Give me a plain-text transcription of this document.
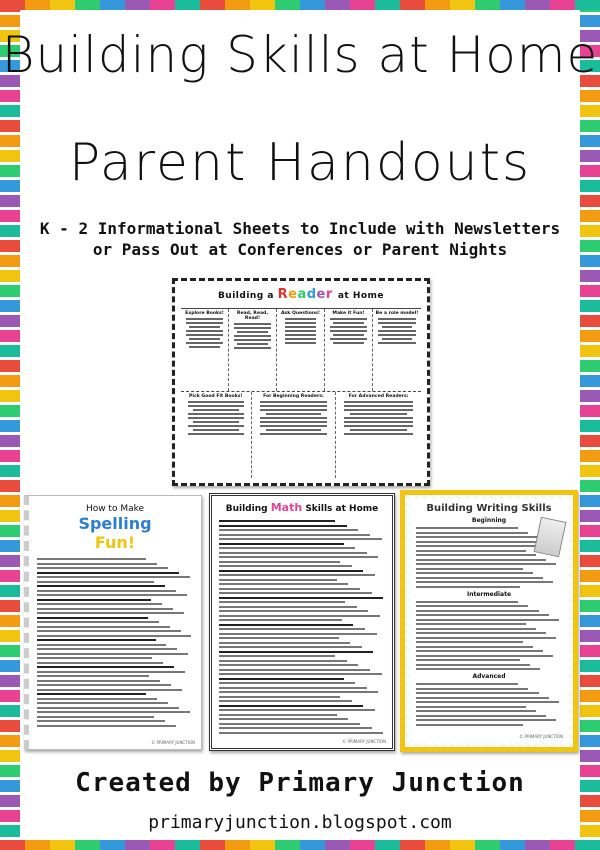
Building Skills at Home
Parent Handouts
K - 2 Informational Sheets to Include with Newsletters or Pass Out at Conferences or Parent Nights
Building a Reader at Home
Explore Books!	Read, Read, Read!
Ask Questions!	Make it Fun!	Be a role model!
Pick Good Fit Books!	For Beginning Readers:	For Advanced Readers:
How to Make
Spelling
Fun!
© PRIMARY JUNCTION
Building Math Skills at Home
© PRIMARY JUNCTION
Building Writing Skills
Beginning
Intermediate
Advanced
© PRIMARY JUNCTION
Created by Primary Junction
primaryjunction.blogspot.com
